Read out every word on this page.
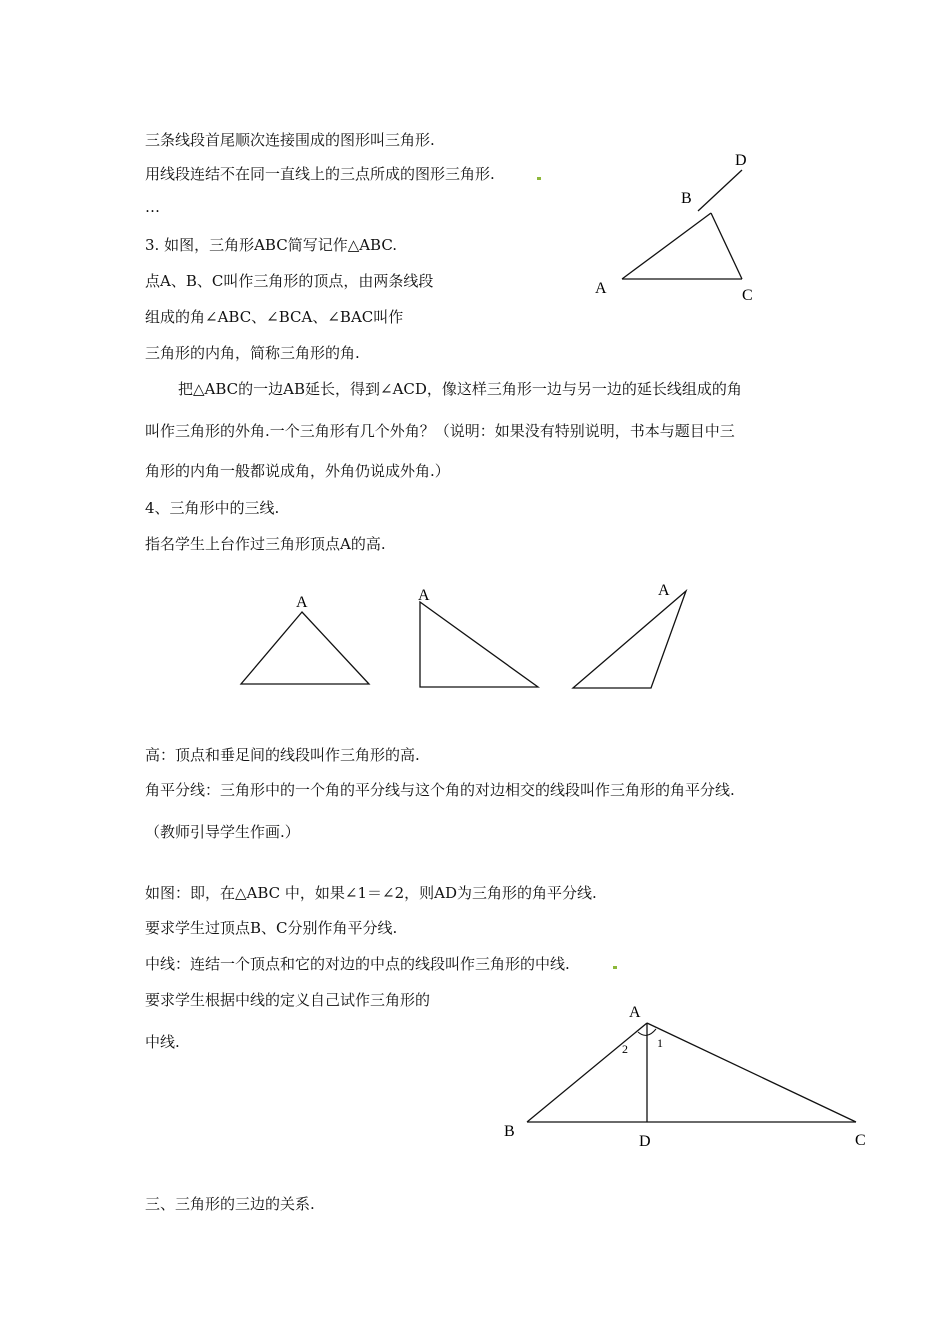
三条线段首尾顺次连接围成的图形叫三角形.
用线段连结不在同一直线上的三点所成的图形三角形.
…
3. 如图，三角形ABC简写记作△ABC.
点A、B、C叫作三角形的顶点，由两条线段
组成的角∠ABC、∠BCA、∠BAC叫作
三角形的内角，简称三角形的角.
把△ABC的一边AB延长，得到∠ACD，像这样三角形一边与另一边的延长线组成的角
叫作三角形的外角.一个三角形有几个外角？（说明：如果没有特别说明，书本与题目中三
角形的内角一般都说成角，外角仍说成外角.）
4、三角形中的三线.
指名学生上台作过三角形顶点A的高.
高：顶点和垂足间的线段叫作三角形的高.
角平分线：三角形中的一个角的平分线与这个角的对边相交的线段叫作三角形的角平分线.
（教师引导学生作画.）
如图：即，在△ABC 中，如果∠1＝∠2，则AD为三角形的角平分线.
要求学生过顶点B、C分别作角平分线.
中线：连结一个顶点和它的对边的中点的线段叫作三角形的中线.
要求学生根据中线的定义自己试作三角形的
中线.
三、三角形的三边的关系.
D
B
A	C
A	A	A
A
B
D	C
2 1
